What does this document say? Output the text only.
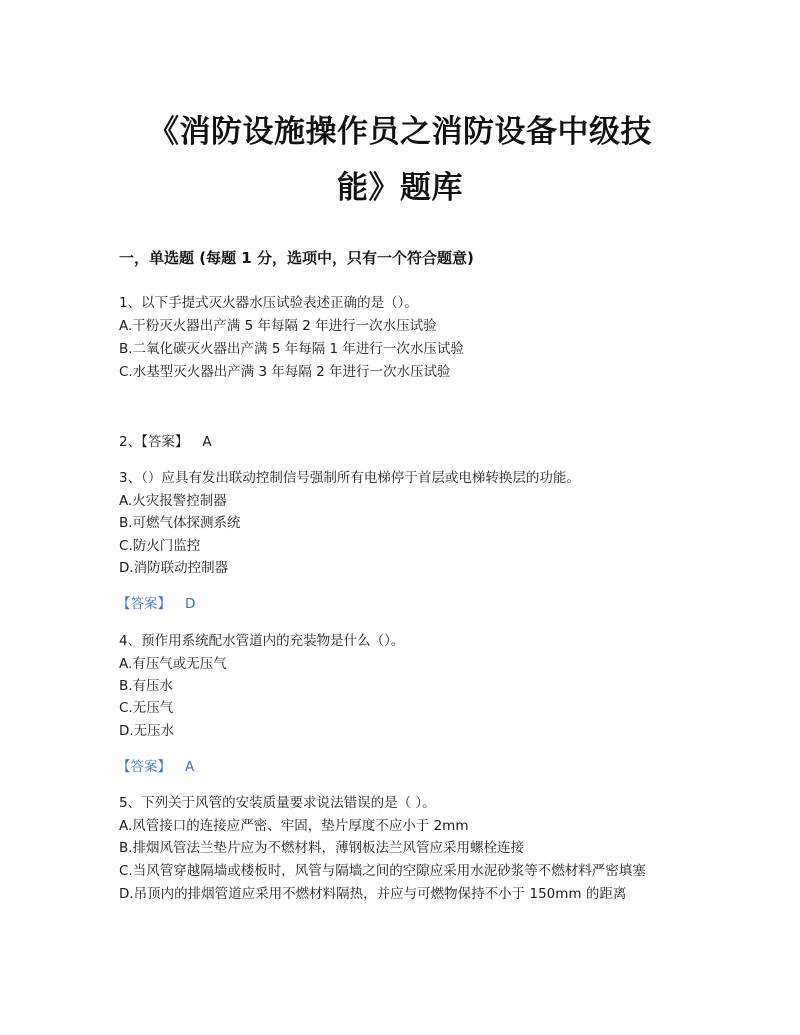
《消防设施操作员之消防设备中级技
能》题库
一，单选题 (每题 1 分，选项中，只有一个符合题意)
1、以下手提式灭火器水压试验表述正确的是（）。
A.干粉灭火器出产满 5 年每隔 2 年进行一次水压试验
B.二氧化碳灭火器出产满 5 年每隔 1 年进行一次水压试验
C.水基型灭火器出产满 3 年每隔 2 年进行一次水压试验
2、【答案】 A
3、（）应具有发出联动控制信号强制所有电梯停于首层或电梯转换层的功能。
A.火灾报警控制器
B.可燃气体探测系统
C.防火门监控
D.消防联动控制器
【答案】 D
4、预作用系统配水管道内的充装物是什么（）。
A.有压气或无压气
B.有压水
C.无压气
D.无压水
【答案】 A
5、下列关于风管的安装质量要求说法错误的是（ ）。
A.风管接口的连接应严密、牢固，垫片厚度不应小于 2mm
B.排烟风管法兰垫片应为不燃材料，薄钢板法兰风管应采用螺栓连接
C.当风管穿越隔墙或楼板时，风管与隔墙之间的空隙应采用水泥砂浆等不燃材料严密填塞
D.吊顶内的排烟管道应采用不燃材料隔热，并应与可燃物保持不小于 150mm 的距离
